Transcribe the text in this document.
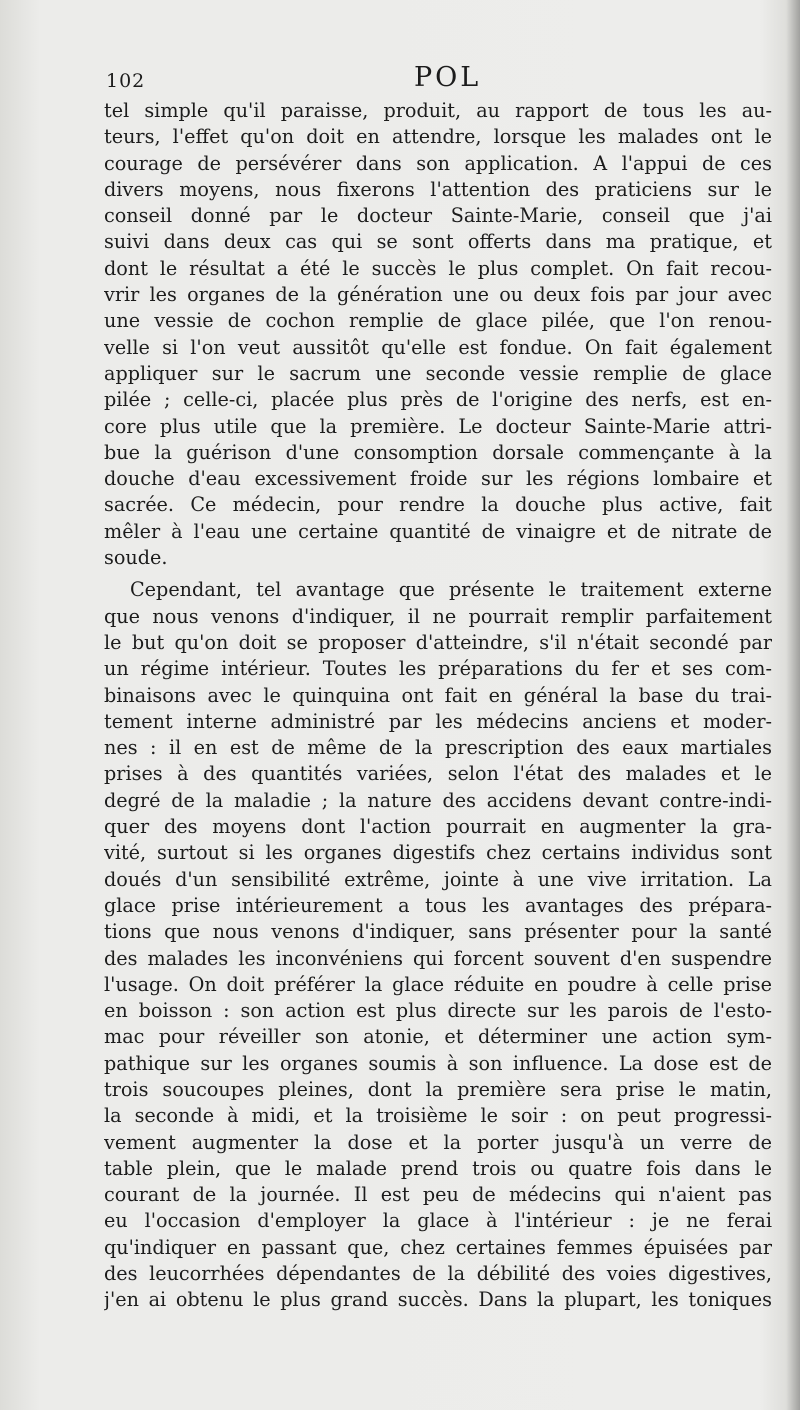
102	POL
tel simple qu'il paraisse, produit, au rapport de tous les au-
teurs, l'effet qu'on doit en attendre, lorsque les malades ont le
courage de persévérer dans son application. A l'appui de ces
divers moyens, nous fixerons l'attention des praticiens sur le
conseil donné par le docteur Sainte-Marie, conseil que j'ai
suivi dans deux cas qui se sont offerts dans ma pratique, et
dont le résultat a été le succès le plus complet. On fait recou-
vrir les organes de la génération une ou deux fois par jour avec
une vessie de cochon remplie de glace pilée, que l'on renou-
velle si l'on veut aussitôt qu'elle est fondue. On fait également
appliquer sur le sacrum une seconde vessie remplie de glace
pilée ; celle-ci, placée plus près de l'origine des nerfs, est en-
core plus utile que la première. Le docteur Sainte-Marie attri-
bue la guérison d'une consomption dorsale commençante à la
douche d'eau excessivement froide sur les régions lombaire et
sacrée. Ce médecin, pour rendre la douche plus active, fait
mêler à l'eau une certaine quantité de vinaigre et de nitrate de
soude.
Cependant, tel avantage que présente le traitement externe
que nous venons d'indiquer, il ne pourrait remplir parfaitement
le but qu'on doit se proposer d'atteindre, s'il n'était secondé par
un régime intérieur. Toutes les préparations du fer et ses com-
binaisons avec le quinquina ont fait en général la base du trai-
tement interne administré par les médecins anciens et moder-
nes : il en est de même de la prescription des eaux martiales
prises à des quantités variées, selon l'état des malades et le
degré de la maladie ; la nature des accidens devant contre-indi-
quer des moyens dont l'action pourrait en augmenter la gra-
vité, surtout si les organes digestifs chez certains individus sont
doués d'un sensibilité extrême, jointe à une vive irritation. La
glace prise intérieurement a tous les avantages des prépara-
tions que nous venons d'indiquer, sans présenter pour la santé
des malades les inconvéniens qui forcent souvent d'en suspendre
l'usage. On doit préférer la glace réduite en poudre à celle prise
en boisson : son action est plus directe sur les parois de l'esto-
mac pour réveiller son atonie, et déterminer une action sym-
pathique sur les organes soumis à son influence. La dose est de
trois soucoupes pleines, dont la première sera prise le matin,
la seconde à midi, et la troisième le soir : on peut progressi-
vement augmenter la dose et la porter jusqu'à un verre de
table plein, que le malade prend trois ou quatre fois dans le
courant de la journée. Il est peu de médecins qui n'aient pas
eu l'occasion d'employer la glace à l'intérieur : je ne ferai
qu'indiquer en passant que, chez certaines femmes épuisées par
des leucorrhées dépendantes de la débilité des voies digestives,
j'en ai obtenu le plus grand succès. Dans la plupart, les toniques
